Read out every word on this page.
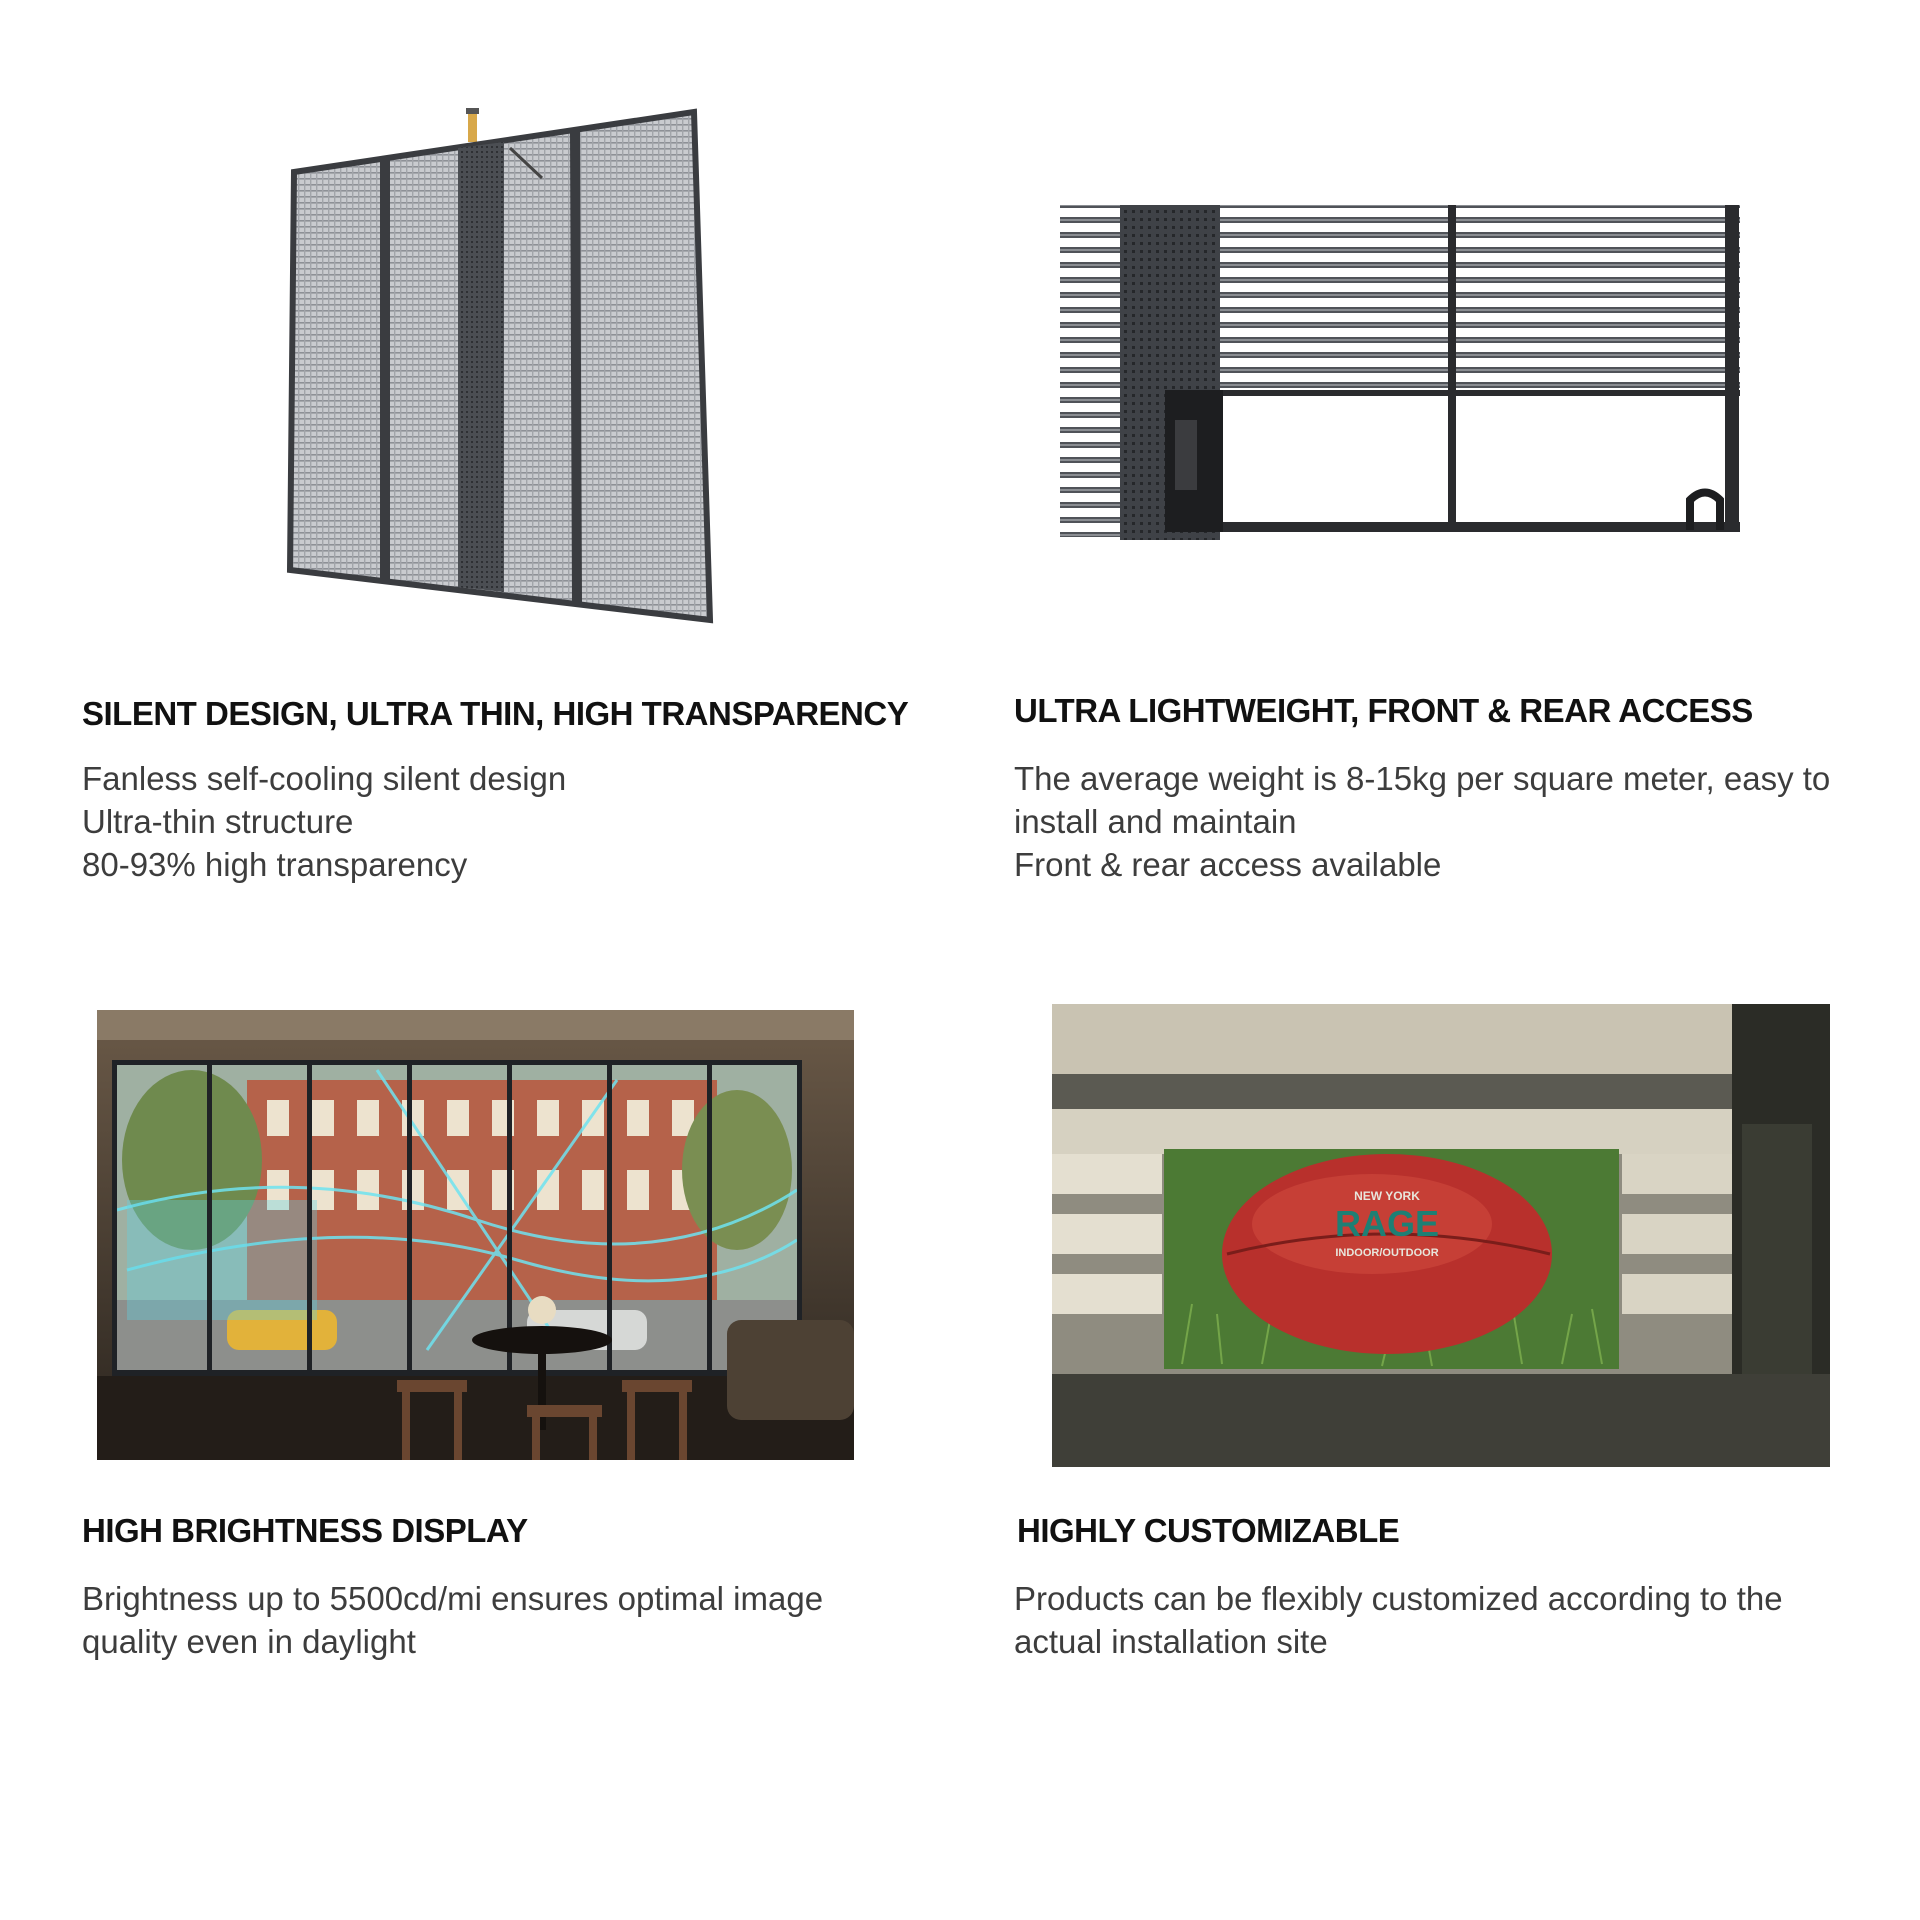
NEW YORK
RAGE
INDOOR/OUTDOOR
SILENT DESIGN, ULTRA THIN, HIGH TRANSPARENCY

Fanless self-cooling silent design
Ultra-thin structure
80-93% high transparency

ULTRA LIGHTWEIGHT, FRONT & REAR ACCESS

The average weight is 8-15kg per square meter, easy to
install and maintain
Front & rear access available

HIGH BRIGHTNESS DISPLAY

Brightness up to 5500cd/mi ensures optimal image
quality even in daylight

HIGHLY CUSTOMIZABLE

Products can be flexibly customized according to the
actual installation site
